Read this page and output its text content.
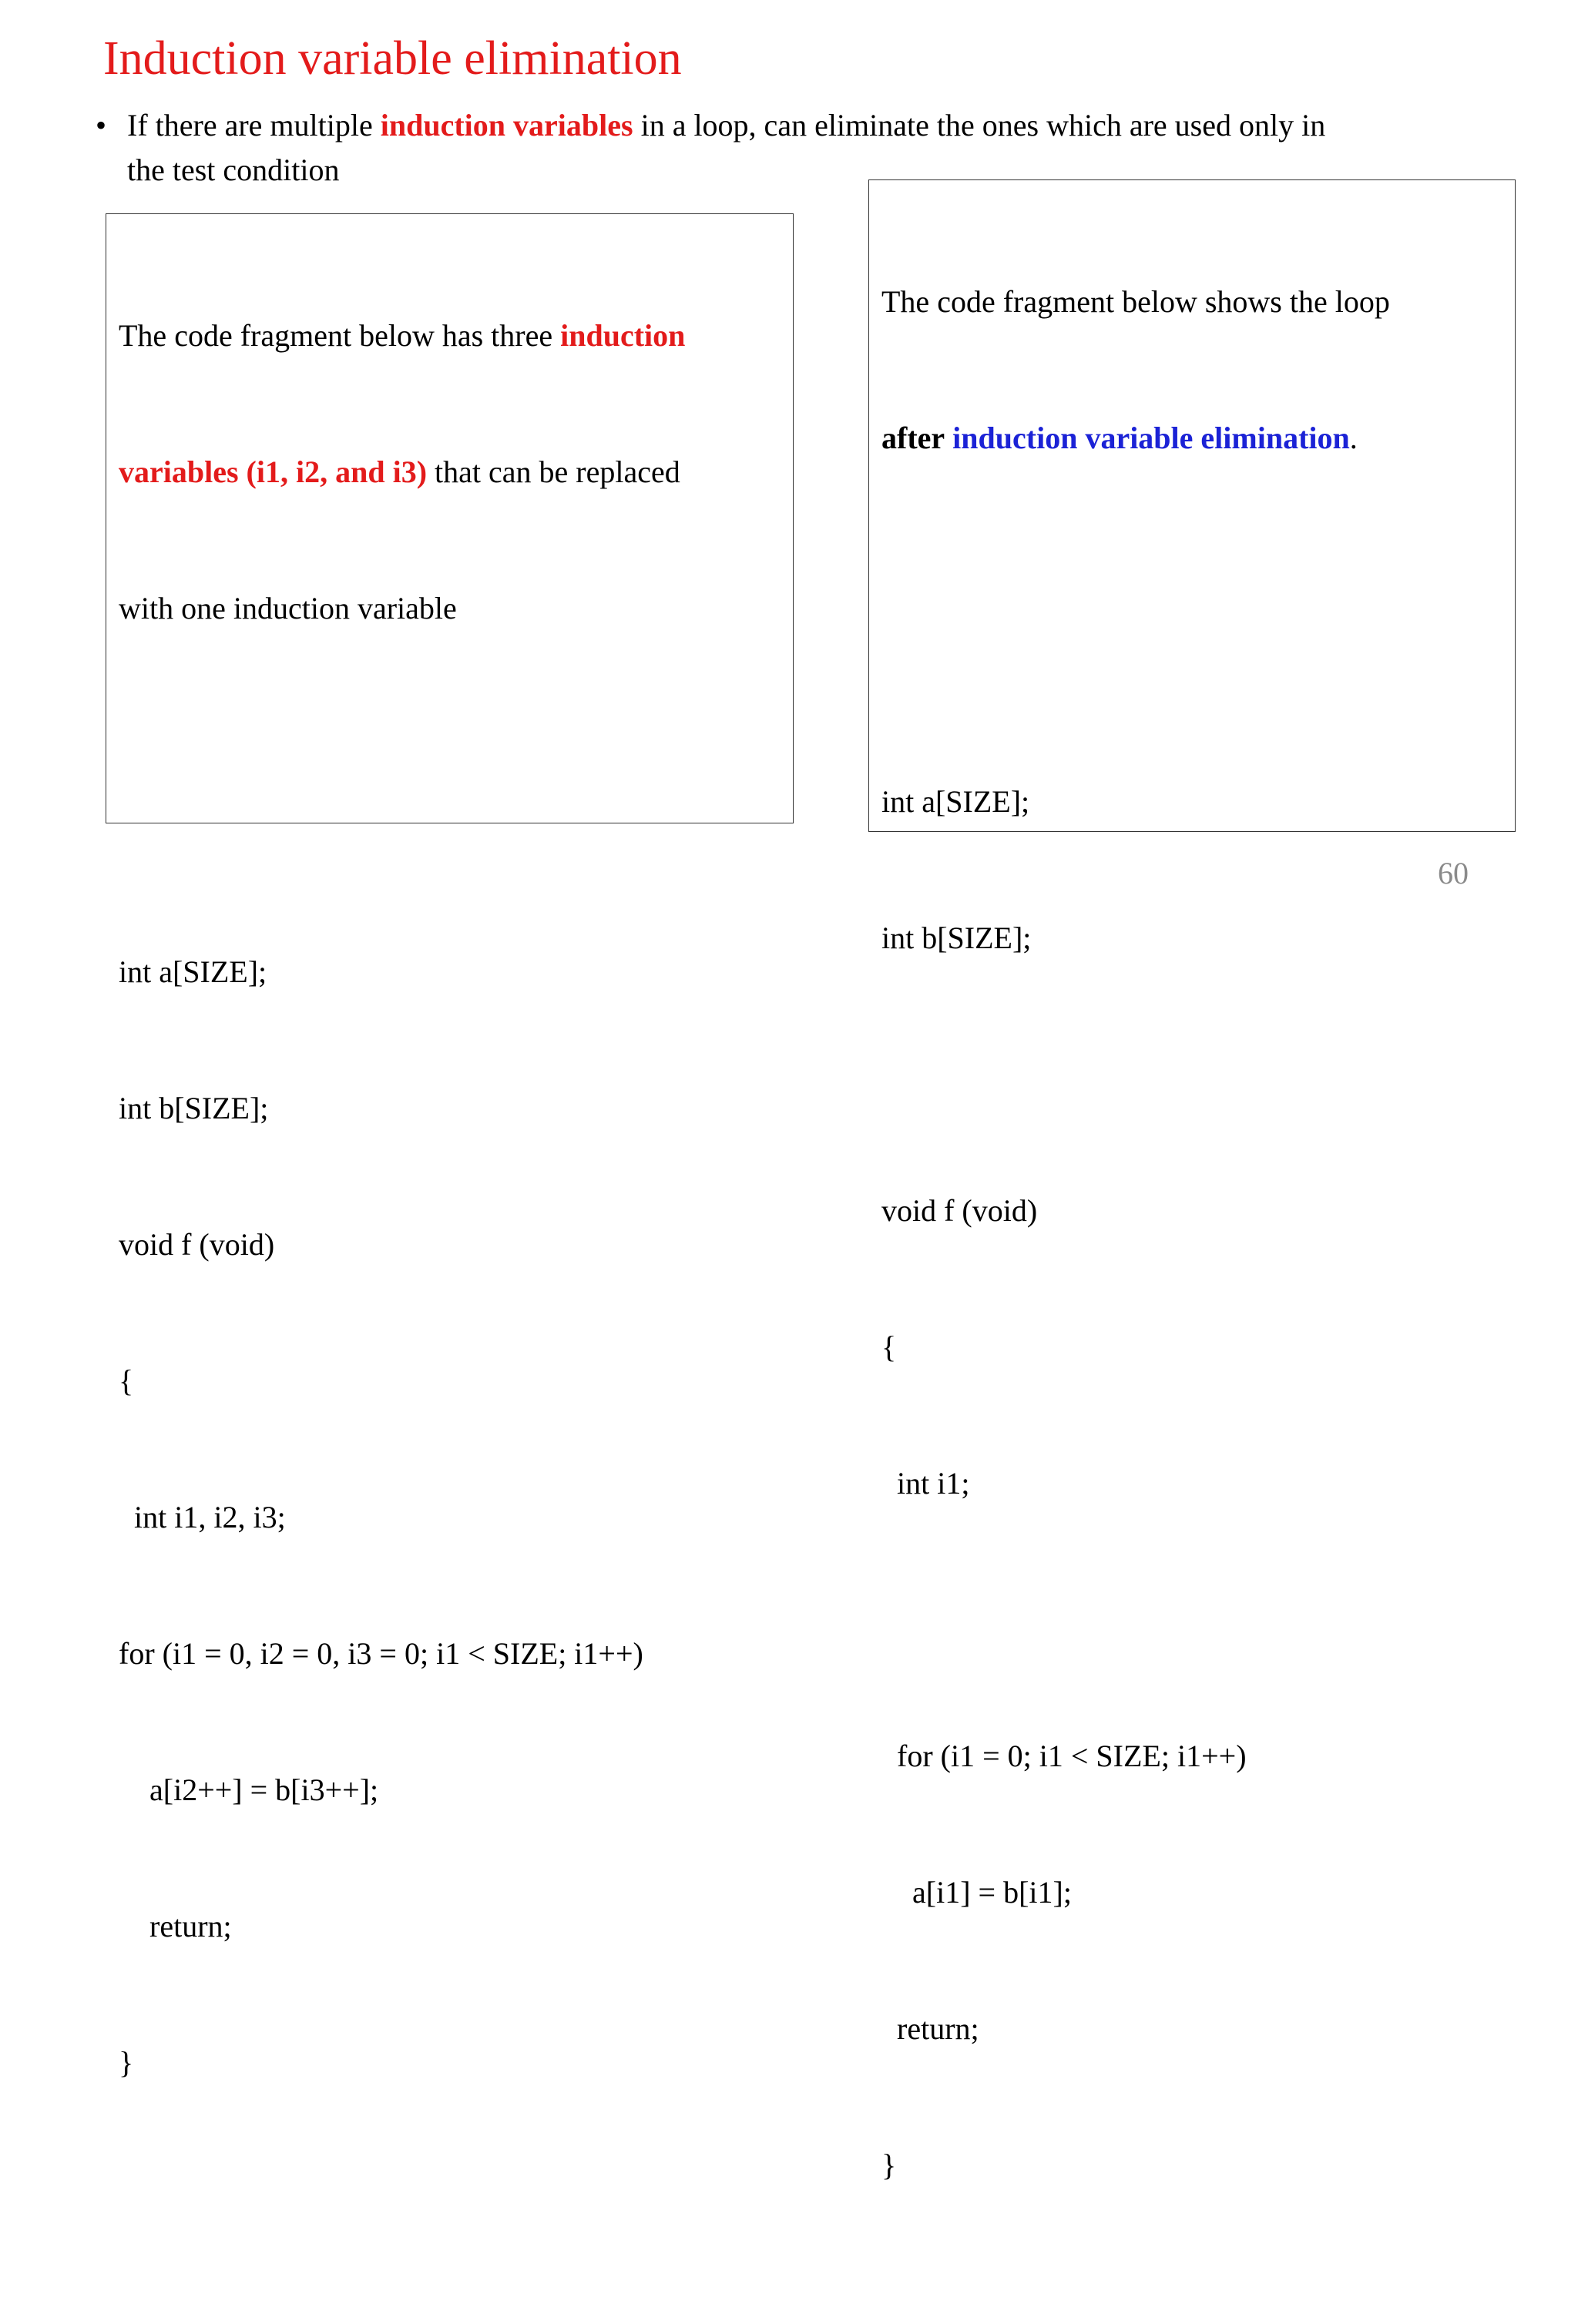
Induction variable elimination
• If there are multiple induction variables in a loop, can eliminate the ones which are used only in
the test condition

The code fragment below has three induction

variables (i1, i2, and i3) that can be replaced

with one induction variable

int a[SIZE];

int b[SIZE];

void f (void)

{

int i1, i2, i3;

for (i1 = 0, i2 = 0, i3 = 0; i1 < SIZE; i1++)

a[i2++] = b[i3++];

return;

}

The code fragment below shows the loop

after induction variable elimination.

int a[SIZE];

int b[SIZE];

void f (void)

{

int i1;

for (i1 = 0; i1 < SIZE; i1++)

a[i1] = b[i1];

return;

}

60
